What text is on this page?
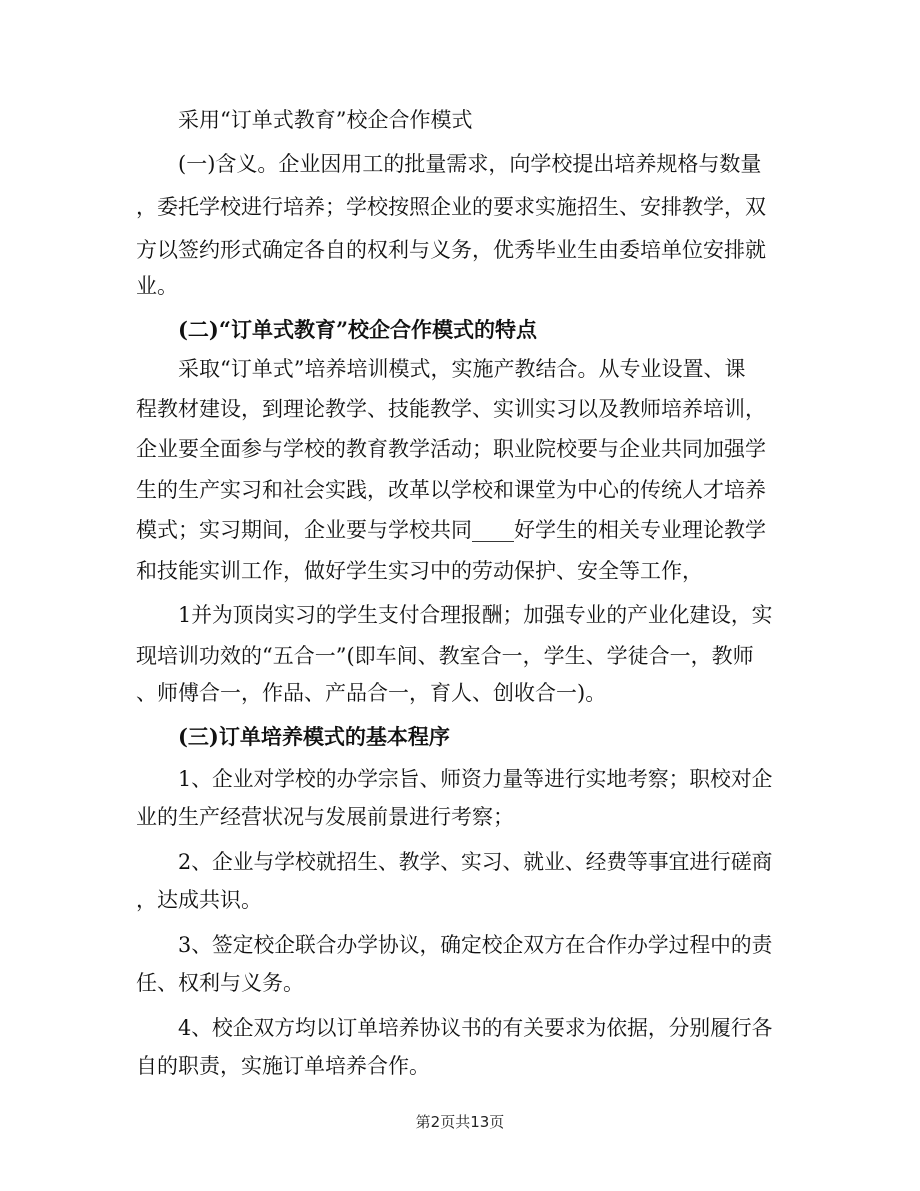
采用“订单式教育”校企合作模式
(一)含义。企业因用工的批量需求，向学校提出培养规格与数量
，委托学校进行培养；学校按照企业的要求实施招生、安排教学，双
方以签约形式确定各自的权利与义务，优秀毕业生由委培单位安排就
业。
(二)“订单式教育”校企合作模式的特点
采取“订单式”培养培训模式，实施产教结合。从专业设置、课
程教材建设，到理论教学、技能教学、实训实习以及教师培养培训，
企业要全面参与学校的教育教学活动；职业院校要与企业共同加强学
生的生产实习和社会实践，改革以学校和课堂为中心的传统人才培养
模式；实习期间，企业要与学校共同____好学生的相关专业理论教学
和技能实训工作，做好学生实习中的劳动保护、安全等工作，
1并为顶岗实习的学生支付合理报酬；加强专业的产业化建设，实
现培训功效的“五合一”(即车间、教室合一，学生、学徒合一，教师
、师傅合一，作品、产品合一，育人、创收合一)。
(三)订单培养模式的基本程序
1、企业对学校的办学宗旨、师资力量等进行实地考察；职校对企
业的生产经营状况与发展前景进行考察；
2、企业与学校就招生、教学、实习、就业、经费等事宜进行磋商
，达成共识。
3、签定校企联合办学协议，确定校企双方在合作办学过程中的责
任、权利与义务。
4、校企双方均以订单培养协议书的有关要求为依据，分别履行各
自的职责，实施订单培养合作。
第2页共13页
